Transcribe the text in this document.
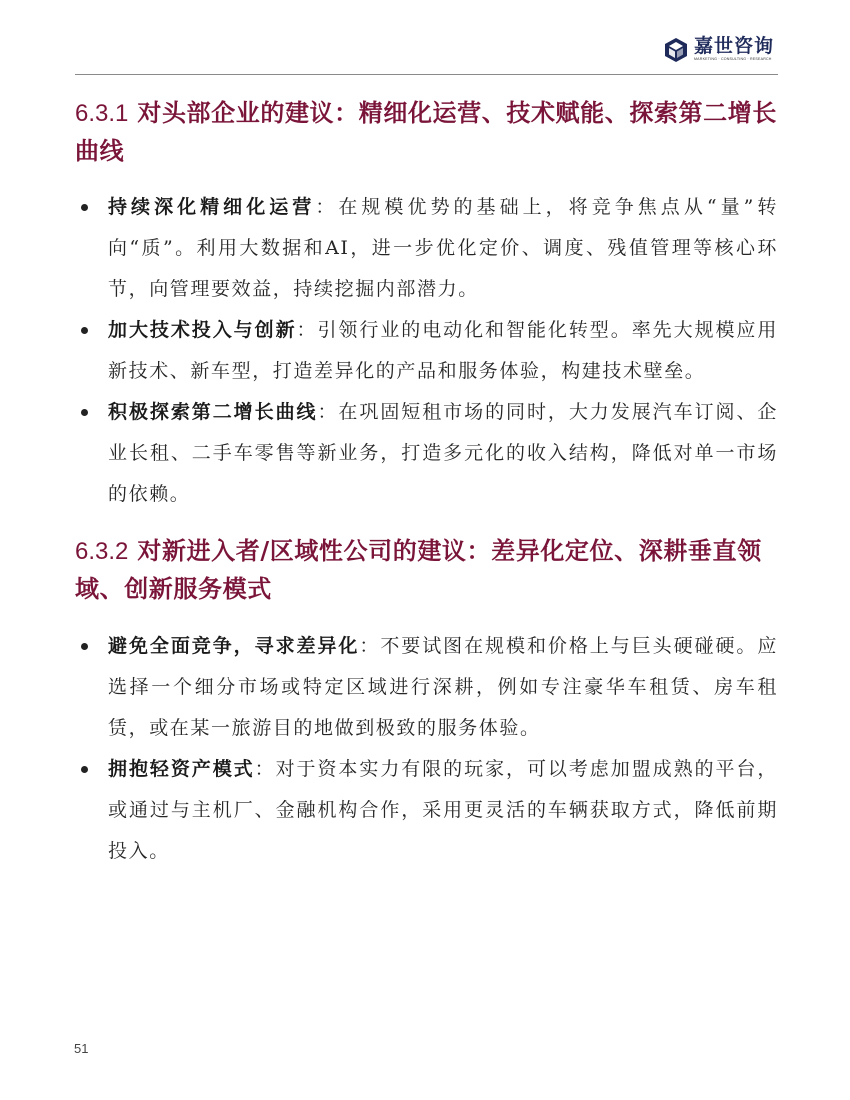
嘉世咨询
MARKETING · CONSULTING · RESEARCH
6.3.1 对头部企业的建议：精细化运营、技术赋能、探索第二增长曲线
持续深化精细化运营：在规模优势的基础上，将竞争焦点从“量”转向“质”。利用大数据和AI，进一步优化定价、调度、残值管理等核心环节，向管理要效益，持续挖掘内部潜力。
加大技术投入与创新：引领行业的电动化和智能化转型。率先大规模应用新技术、新车型，打造差异化的产品和服务体验，构建技术壁垒。
积极探索第二增长曲线：在巩固短租市场的同时，大力发展汽车订阅、企业长租、二手车零售等新业务，打造多元化的收入结构，降低对单一市场的依赖。
6.3.2 对新进入者/区域性公司的建议：差异化定位、深耕垂直领域、创新服务模式
避免全面竞争，寻求差异化：不要试图在规模和价格上与巨头硬碰硬。应选择一个细分市场或特定区域进行深耕，例如专注豪华车租赁、房车租赁，或在某一旅游目的地做到极致的服务体验。
拥抱轻资产模式：对于资本实力有限的玩家，可以考虑加盟成熟的平台，或通过与主机厂、金融机构合作，采用更灵活的车辆获取方式，降低前期投入。
51
